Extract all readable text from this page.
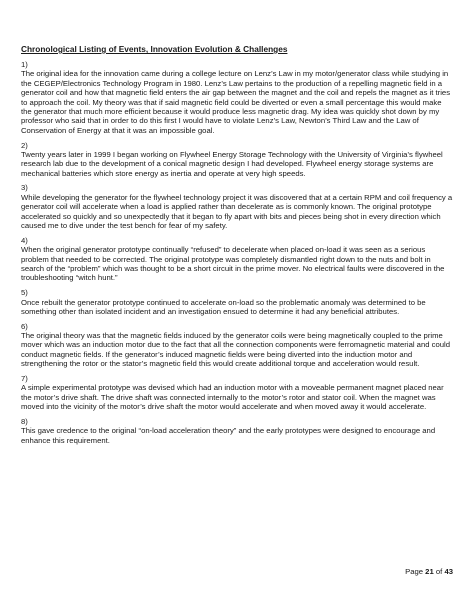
Chronological Listing of Events, Innovation Evolution & Challenges

1)

The original idea for the innovation came during a college lecture on Lenz’s Law in my motor/generator class while studying in the CEGEP/Electronics Technology Program in 1980. Lenz’s Law pertains to the production of a repelling magnetic field in a generator coil and how that magnetic field enters the air gap between the magnet and the coil and repels the magnet as it tries to approach the coil. My theory was that if said magnetic field could be diverted or even a small percentage this would make the generator that much more efficient because it would produce less magnetic drag. My idea was quickly shot down by my professor who said that in order to do this first I would have to violate Lenz’s Law, Newton’s Third Law and the Law of Conservation of Energy at that it was an impossible goal.

2)

Twenty years later in 1999 I began working on Flywheel Energy Storage Technology with the University of Virginia’s flywheel research lab due to the development of a conical magnetic design I had developed. Flywheel energy storage systems are mechanical batteries which store energy as inertia and operate at very high speeds.

3)

While developing the generator for the flywheel technology project it was discovered that at a certain RPM and coil frequency a generator coil will accelerate when a load is applied rather than decelerate as is commonly known. The original prototype accelerated so quickly and so unexpectedly that it began to fly apart with bits and pieces being shot in every direction which caused me to dive under the test bench for fear of my safety.

4)

When the original generator prototype continually “refused” to decelerate when placed on-load it was seen as a serious problem that needed to be corrected. The original prototype was completely dismantled right down to the nuts and bolt in search of the “problem” which was thought to be a short circuit in the prime mover. No electrical faults were discovered in the troubleshooting “witch hunt.”

5)

Once rebuilt the generator prototype continued to accelerate on-load so the problematic anomaly was determined to be something other than isolated incident and an investigation ensued to determine it had any beneficial attributes.

6)

The original theory was that the magnetic fields induced by the generator coils were being magnetically coupled to the prime mover which was an induction motor due to the fact that all the connection components were ferromagnetic material and could conduct magnetic fields. If the generator’s induced magnetic fields were being diverted into the induction motor and strengthening the rotor or the stator’s magnetic field this would create additional torque and acceleration would result.

7)

A simple experimental prototype was devised which had an induction motor with a moveable permanent magnet placed near the motor’s drive shaft. The drive shaft was connected internally to the motor’s rotor and stator coil. When the magnet was moved into the vicinity of the motor’s drive shaft the motor would accelerate and when moved away it would accelerate.

8)

This gave credence to the original “on-load acceleration theory” and the early prototypes were designed to encourage and enhance this requirement.

Page 21 of 43
